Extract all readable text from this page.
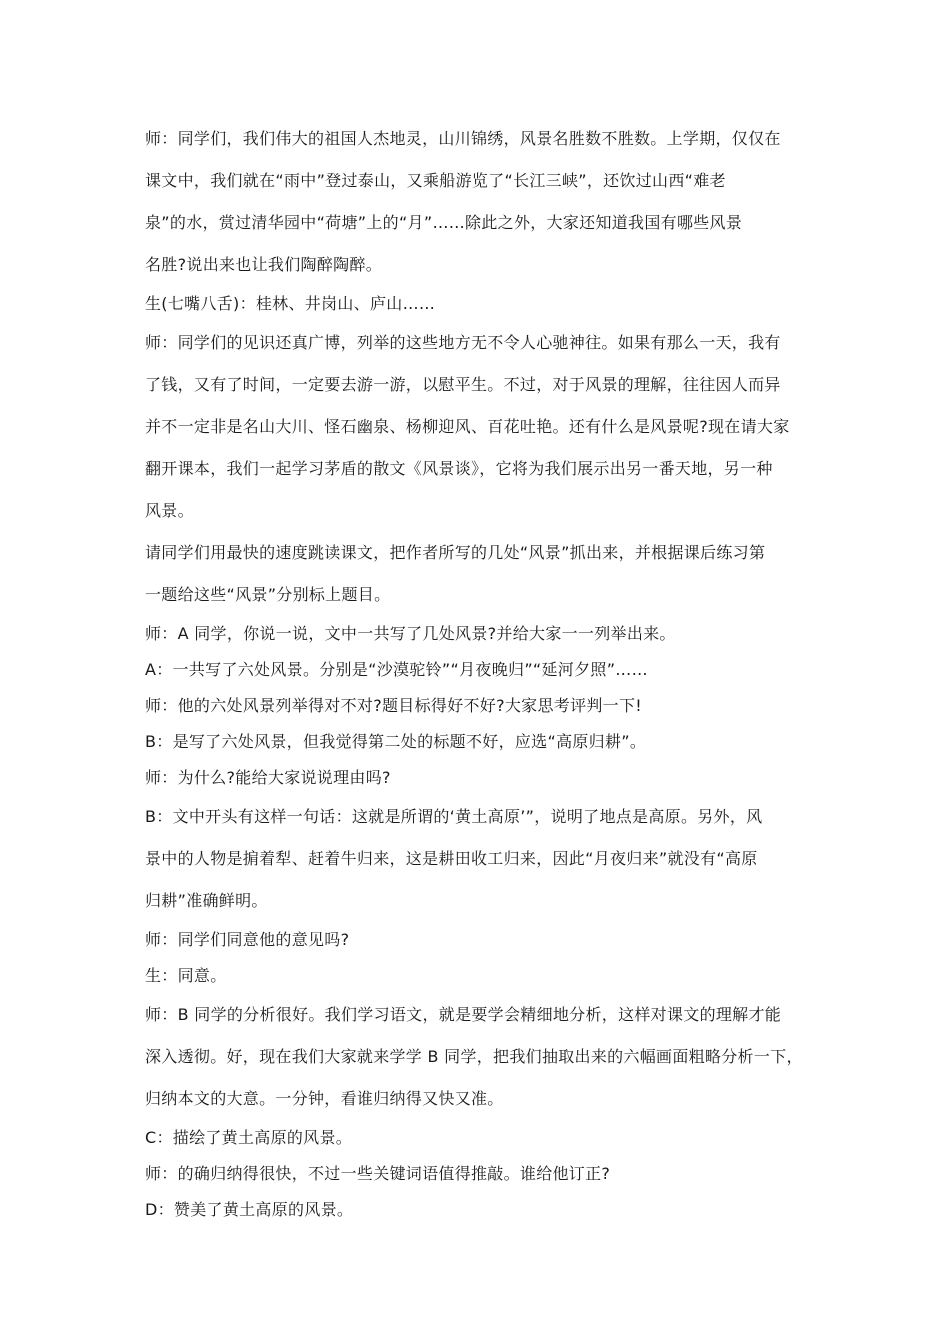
师：同学们，我们伟大的祖国人杰地灵，山川锦绣，风景名胜数不胜数。上学期，仅仅在
课文中，我们就在“雨中”登过泰山，又乘船游览了“长江三峡”，还饮过山西“难老
泉”的水，赏过清华园中“荷塘”上的“月”……除此之外，大家还知道我国有哪些风景
名胜?说出来也让我们陶醉陶醉。
生(七嘴八舌)：桂林、井岗山、庐山……
师：同学们的见识还真广博，列举的这些地方无不令人心驰神往。如果有那么一天，我有
了钱，又有了时间，一定要去游一游，以慰平生。不过，对于风景的理解，往往因人而异
并不一定非是名山大川、怪石幽泉、杨柳迎风、百花吐艳。还有什么是风景呢?现在请大家
翻开课本，我们一起学习茅盾的散文《风景谈》，它将为我们展示出另一番天地，另一种
风景。
请同学们用最快的速度跳读课文，把作者所写的几处“风景”抓出来，并根据课后练习第
一题给这些“风景”分别标上题目。
师：A 同学，你说一说，文中一共写了几处风景?并给大家一一列举出来。
A：一共写了六处风景。分别是“沙漠驼铃”“月夜晚归”“延河夕照”……
师：他的六处风景列举得对不对?题目标得好不好?大家思考评判一下!
B：是写了六处风景，但我觉得第二处的标题不好，应选“高原归耕”。
师：为什么?能给大家说说理由吗?
B：文中开头有这样一句话：这就是所谓的‘黄土高原’”，说明了地点是高原。另外，风
景中的人物是掮着犁、赶着牛归来，这是耕田收工归来，因此“月夜归来”就没有“高原
归耕”准确鲜明。
师：同学们同意他的意见吗?
生：同意。
师：B 同学的分析很好。我们学习语文，就是要学会精细地分析，这样对课文的理解才能
深入透彻。好，现在我们大家就来学学 B 同学，把我们抽取出来的六幅画面粗略分析一下，
归纳本文的大意。一分钟，看谁归纳得又快又准。
C：描绘了黄土高原的风景。
师：的确归纳得很快，不过一些关键词语值得推敲。谁给他订正?
D：赞美了黄土高原的风景。
